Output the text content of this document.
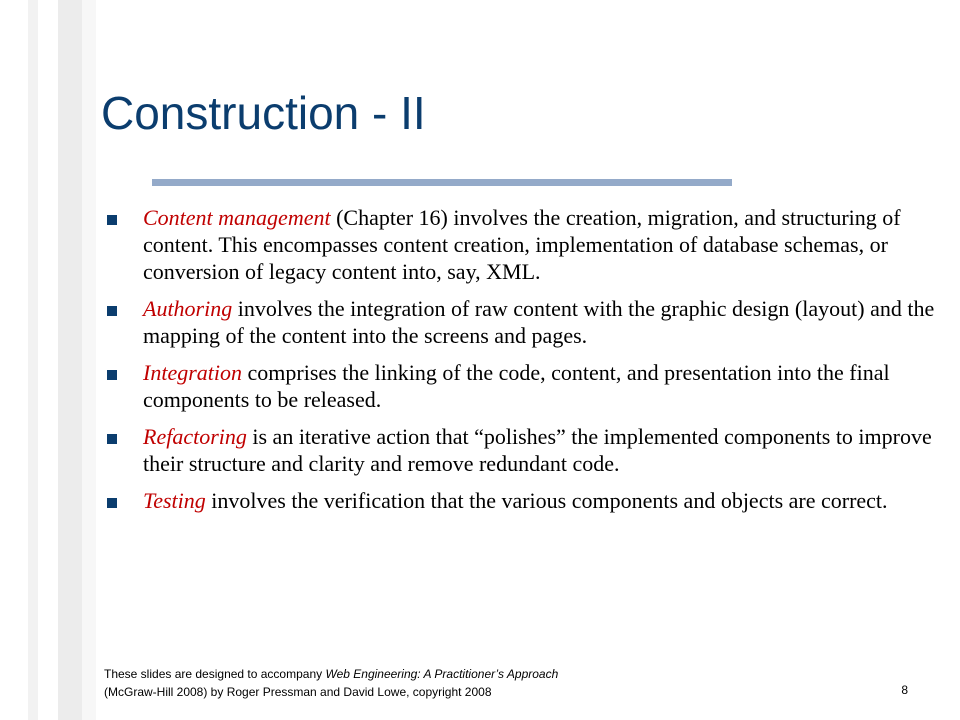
Construction - II
Content management (Chapter 16) involves the creation, migration, and structuring of content. This encompasses content creation, implementation of database schemas, or conversion of legacy content into, say, XML.
Authoring involves the integration of raw content with the graphic design (layout) and the mapping of the content into the screens and pages.
Integration comprises the linking of the code, content, and presentation into the final components to be released.
Refactoring is an iterative action that “polishes” the implemented components to improve their structure and clarity and remove redundant code.
Testing involves the verification that the various components and objects are correct.
These slides are designed to accompany Web Engineering: A Practitioner’s Approach
(McGraw-Hill 2008) by Roger Pressman and David Lowe, copyright 2008	8
